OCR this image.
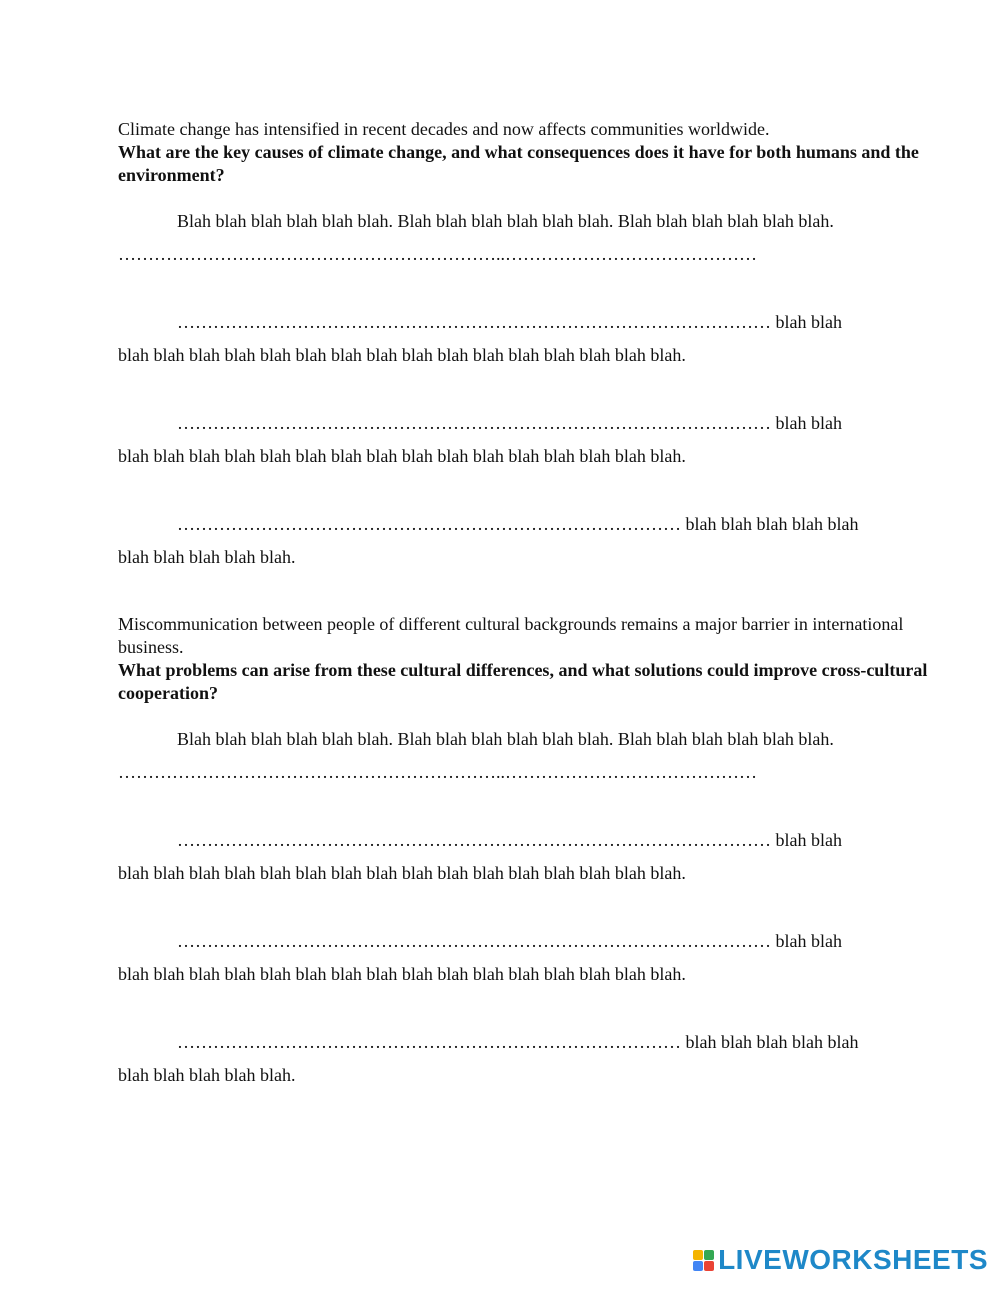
Climate change has intensified in recent decades and now affects communities worldwide.

What are the key causes of climate change, and what consequences does it have for both humans and the environment?

Blah blah blah blah blah blah. Blah blah blah blah blah blah. Blah blah blah blah blah blah.

………………………………………………………..……………………………………
……………………………………………………………………………………… blah blah
blah blah blah blah blah blah blah blah blah blah blah blah blah blah blah blah.
……………………………………………………………………………………… blah blah
blah blah blah blah blah blah blah blah blah blah blah blah blah blah blah blah.
………………………………………………………………………… blah blah blah blah blah
blah blah blah blah blah.

Miscommunication between people of different cultural backgrounds remains a major barrier in international business.

What problems can arise from these cultural differences, and what solutions could improve cross-cultural cooperation?

Blah blah blah blah blah blah. Blah blah blah blah blah blah. Blah blah blah blah blah blah.

………………………………………………………..……………………………………
……………………………………………………………………………………… blah blah
blah blah blah blah blah blah blah blah blah blah blah blah blah blah blah blah.
……………………………………………………………………………………… blah blah
blah blah blah blah blah blah blah blah blah blah blah blah blah blah blah blah.
………………………………………………………………………… blah blah blah blah blah
blah blah blah blah blah.
LIVEWORKSHEETS
